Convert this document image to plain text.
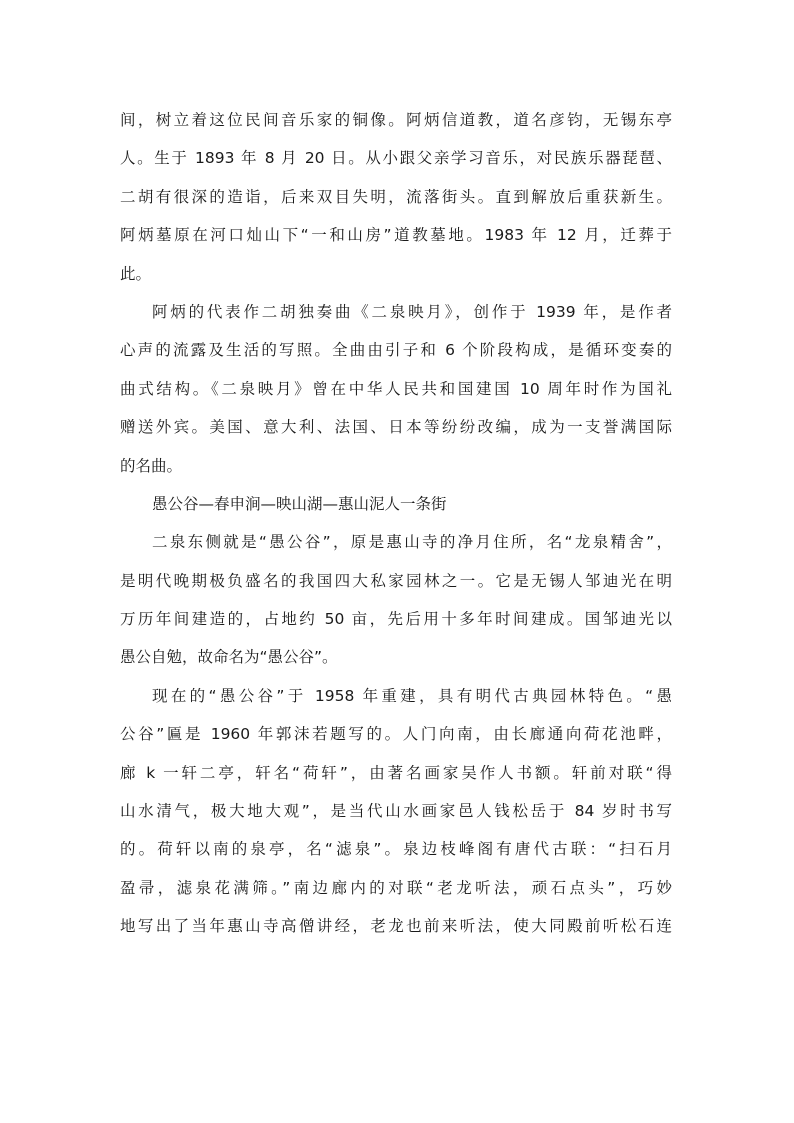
间，树立着这位民间音乐家的铜像。阿炳信道教，道名彦钧，无锡东亭
人。生于 1893 年 8 月 20 日。从小跟父亲学习音乐，对民族乐器琵琶、
二胡有很深的造诣，后来双目失明，流落街头。直到解放后重获新生。
阿炳墓原在河口灿山下“一和山房”道教墓地。1983 年 12 月，迁葬于
此。
阿炳的代表作二胡独奏曲《二泉映月》，创作于 1939 年，是作者
心声的流露及生活的写照。全曲由引子和 6 个阶段构成，是循环变奏的
曲式结构。《二泉映月》曾在中华人民共和国建国 10 周年时作为国礼
赠送外宾。美国、意大利、法国、日本等纷纷改编，成为一支誉满国际
的名曲。
愚公谷—春申涧—映山湖—惠山泥人一条街
二泉东侧就是“愚公谷”，原是惠山寺的净月住所，名“龙泉精舍”，
是明代晚期极负盛名的我国四大私家园林之一。它是无锡人邹迪光在明
万历年间建造的，占地约 50 亩，先后用十多年时间建成。国邹迪光以
愚公自勉，故命名为“愚公谷”。
现在的“愚公谷”于 1958 年重建，具有明代古典园林特色。“愚
公谷”匾是 1960 年郭沫若题写的。人门向南，由长廊通向荷花池畔，
廊 k 一轩二亭，轩名“荷轩”，由著名画家吴作人书额。轩前对联“得
山水清气，极大地大观”，是当代山水画家邑人钱松岳于 84 岁时书写
的。荷轩以南的泉亭，名“滤泉”。泉边枝峰阁有唐代古联：“扫石月
盈帚，滤泉花满筛。”南边廊内的对联“老龙听法，顽石点头”，巧妙
地写出了当年惠山寺高僧讲经，老龙也前来听法，使大同殿前听松石连
